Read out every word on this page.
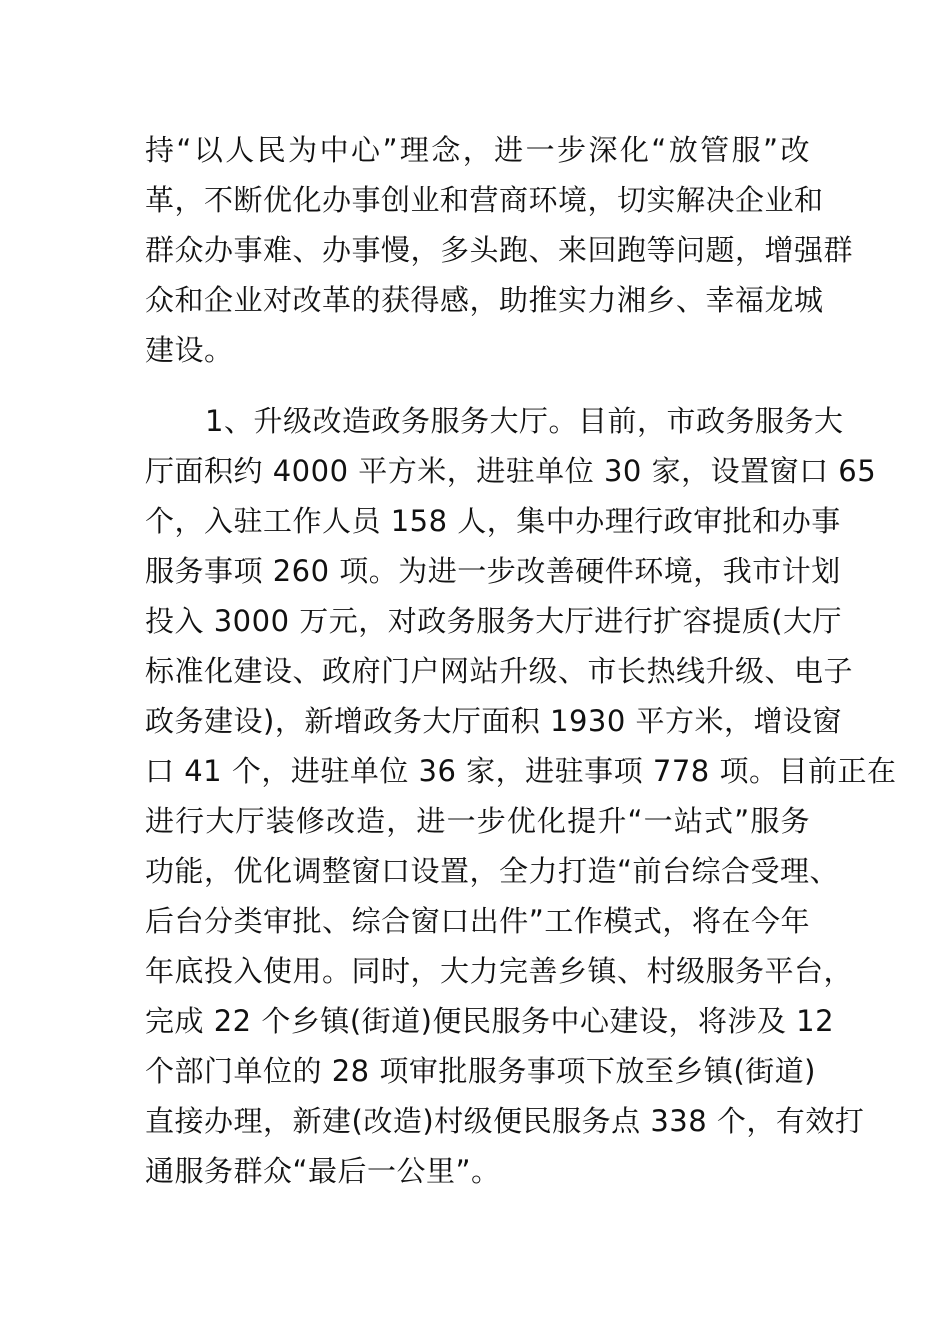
持“以人民为中心”理念，进一步深化“放管服”改

革，不断优化办事创业和营商环境，切实解决企业和

群众办事难、办事慢，多头跑、来回跑等问题，增强群

众和企业对改革的获得感，助推实力湘乡、幸福龙城

建设。

1、升级改造政务服务大厅。目前，市政务服务大

厅面积约 4000 平方米，进驻单位 30 家，设置窗口 65

个，入驻工作人员 158 人，集中办理行政审批和办事

服务事项 260 项。为进一步改善硬件环境，我市计划

投入 3000 万元，对政务服务大厅进行扩容提质(大厅

标准化建设、政府门户网站升级、市长热线升级、电子

政务建设)，新增政务大厅面积 1930 平方米，增设窗

口 41 个，进驻单位 36 家，进驻事项 778 项。目前正在

进行大厅装修改造，进一步优化提升“一站式”服务

功能，优化调整窗口设置，全力打造“前台综合受理、

后台分类审批、综合窗口出件”工作模式，将在今年

年底投入使用。同时，大力完善乡镇、村级服务平台，

完成 22 个乡镇(街道)便民服务中心建设，将涉及 12

个部门单位的 28 项审批服务事项下放至乡镇(街道)

直接办理，新建(改造)村级便民服务点 338 个，有效打

通服务群众“最后一公里”。
